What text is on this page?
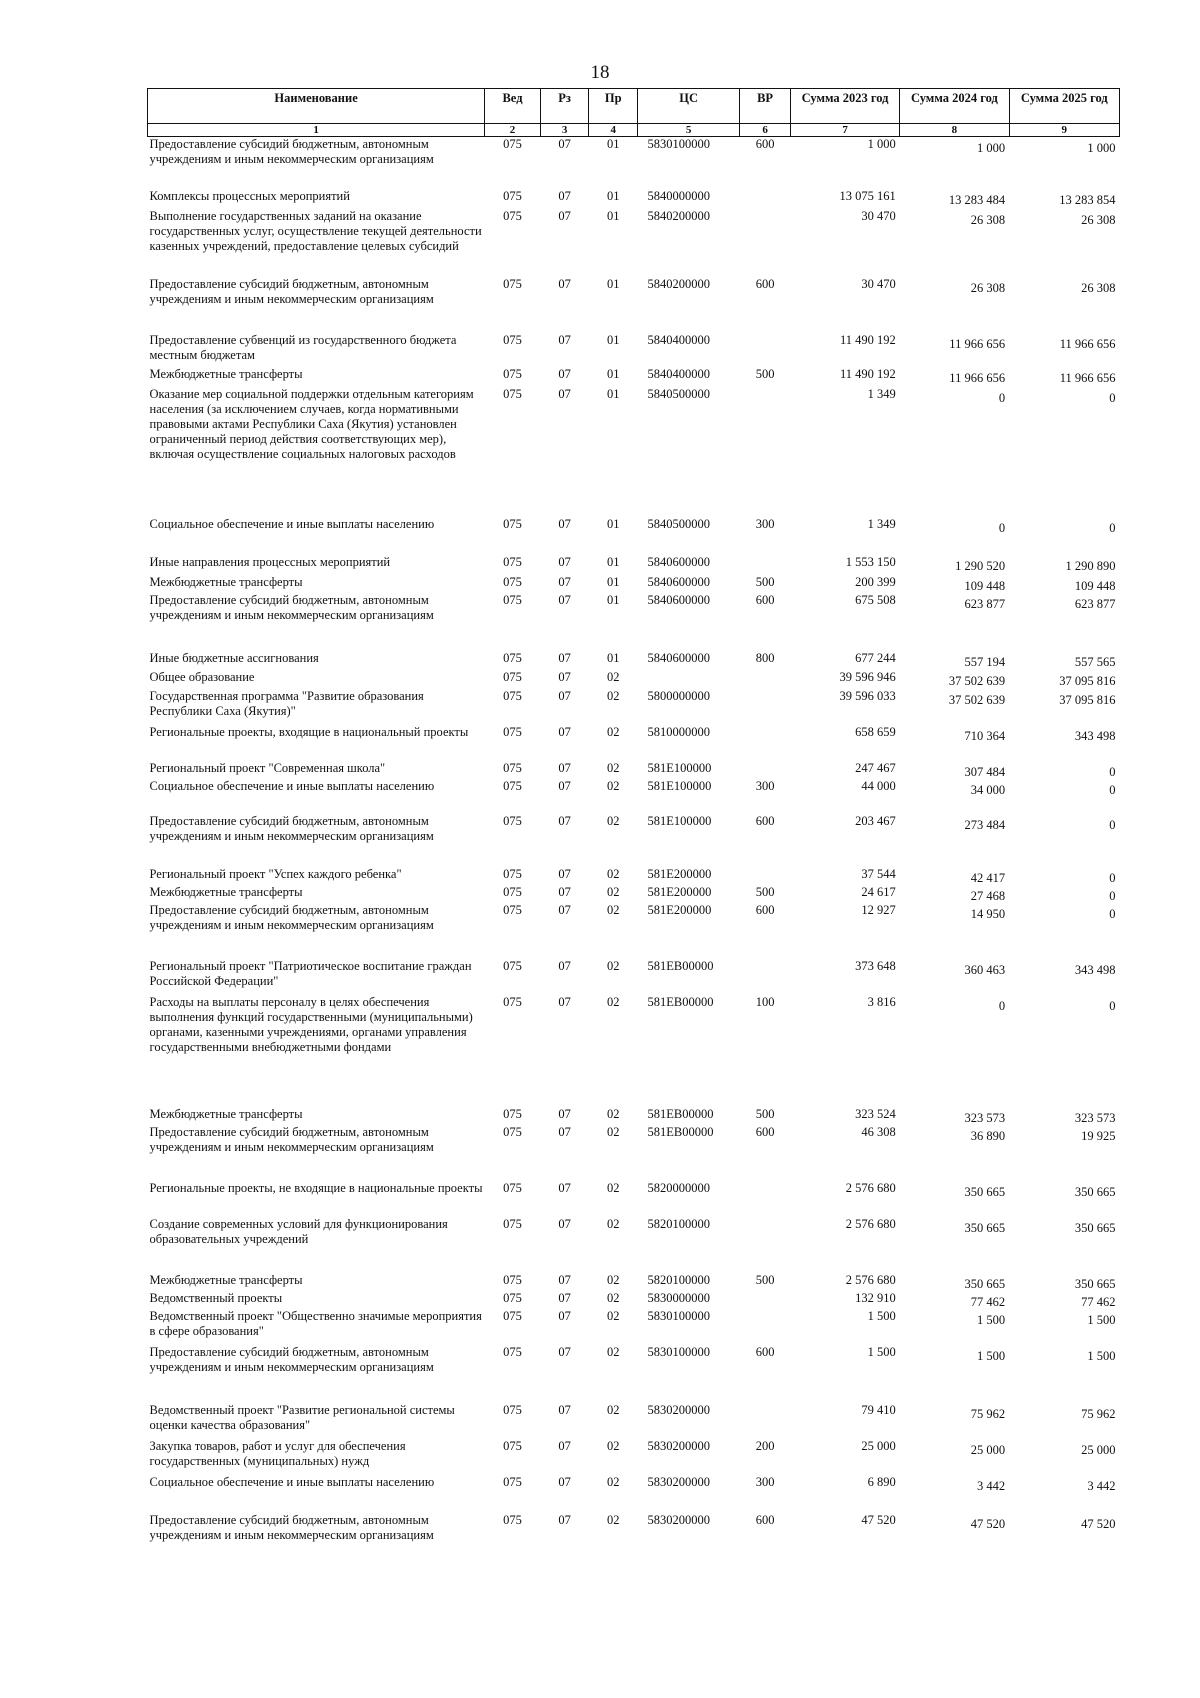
18
Наименование	Вед	Рз	Пр	ЦС	ВР	Сумма 2023 год	Сумма 2024 год	Сумма 2025 год
1	2	3	4	5	6	7	8	9
Предоставление субсидий бюджетным, автономным учреждениям и иным некоммерческим организациям	075	07	01	5830100000	600	1 000	1 000	1 000
Комплексы процессных мероприятий	075	07	01	5840000000		13 075 161	13 283 484	13 283 854
Выполнение государственных заданий на оказание государственных услуг, осуществление текущей деятельности казенных учреждений, предоставление целевых субсидий	075	07	01	5840200000		30 470	26 308	26 308
Предоставление субсидий бюджетным, автономным учреждениям и иным некоммерческим организациям	075	07	01	5840200000	600	30 470	26 308	26 308
Предоставление субвенций из государственного бюджета местным бюджетам	075	07	01	5840400000		11 490 192	11 966 656	11 966 656
Межбюджетные трансферты	075	07	01	5840400000	500	11 490 192	11 966 656	11 966 656
Оказание мер социальной поддержки отдельным категориям населения (за исключением случаев, когда нормативными правовыми актами Республики Саха (Якутия) установлен ограниченный период действия соответствующих мер), включая осуществление социальных налоговых расходов	075	07	01	5840500000		1 349	0	0
Социальное обеспечение и иные выплаты населению	075	07	01	5840500000	300	1 349	0	0
Иные направления процессных мероприятий	075	07	01	5840600000		1 553 150	1 290 520	1 290 890
Межбюджетные трансферты	075	07	01	5840600000	500	200 399	109 448	109 448
Предоставление субсидий бюджетным, автономным учреждениям и иным некоммерческим организациям	075	07	01	5840600000	600	675 508	623 877	623 877
Иные бюджетные ассигнования	075	07	01	5840600000	800	677 244	557 194	557 565
Общее образование	075	07	02			39 596 946	37 502 639	37 095 816
Государственная программа "Развитие образования Республики Саха (Якутия)"	075	07	02	5800000000		39 596 033	37 502 639	37 095 816
Региональные проекты, входящие в национальный проекты	075	07	02	5810000000		658 659	710 364	343 498
Региональный проект "Современная школа"	075	07	02	581E100000		247 467	307 484	0
Социальное обеспечение и иные выплаты населению	075	07	02	581E100000	300	44 000	34 000	0
Предоставление субсидий бюджетным, автономным учреждениям и иным некоммерческим организациям	075	07	02	581E100000	600	203 467	273 484	0
Региональный проект "Успех каждого ребенка"	075	07	02	581E200000		37 544	42 417	0
Межбюджетные трансферты	075	07	02	581E200000	500	24 617	27 468	0
Предоставление субсидий бюджетным, автономным учреждениям и иным некоммерческим организациям	075	07	02	581E200000	600	12 927	14 950	0
Региональный проект "Патриотическое воспитание граждан Российской Федерации"	075	07	02	581EB00000		373 648	360 463	343 498
Расходы на выплаты персоналу в целях обеспечения выполнения функций государственными (муниципальными) органами, казенными учреждениями, органами управления государственными внебюджетными фондами	075	07	02	581EB00000	100	3 816	0	0
Межбюджетные трансферты	075	07	02	581EB00000	500	323 524	323 573	323 573
Предоставление субсидий бюджетным, автономным учреждениям и иным некоммерческим организациям	075	07	02	581EB00000	600	46 308	36 890	19 925
Региональные проекты, не входящие в национальные проекты	075	07	02	5820000000		2 576 680	350 665	350 665
Создание современных условий для функционирования образовательных учреждений	075	07	02	5820100000		2 576 680	350 665	350 665
Межбюджетные трансферты	075	07	02	5820100000	500	2 576 680	350 665	350 665
Ведомственный проекты	075	07	02	5830000000		132 910	77 462	77 462
Ведомственный проект "Общественно значимые мероприятия в сфере образования"	075	07	02	5830100000		1 500	1 500	1 500
Предоставление субсидий бюджетным, автономным учреждениям и иным некоммерческим организациям	075	07	02	5830100000	600	1 500	1 500	1 500
Ведомственный проект "Развитие региональной системы оценки качества образования"	075	07	02	5830200000		79 410	75 962	75 962
Закупка товаров, работ и услуг для обеспечения государственных (муниципальных) нужд	075	07	02	5830200000	200	25 000	25 000	25 000
Социальное обеспечение и иные выплаты населению	075	07	02	5830200000	300	6 890	3 442	3 442
Предоставление субсидий бюджетным, автономным учреждениям и иным некоммерческим организациям	075	07	02	5830200000	600	47 520	47 520	47 520
